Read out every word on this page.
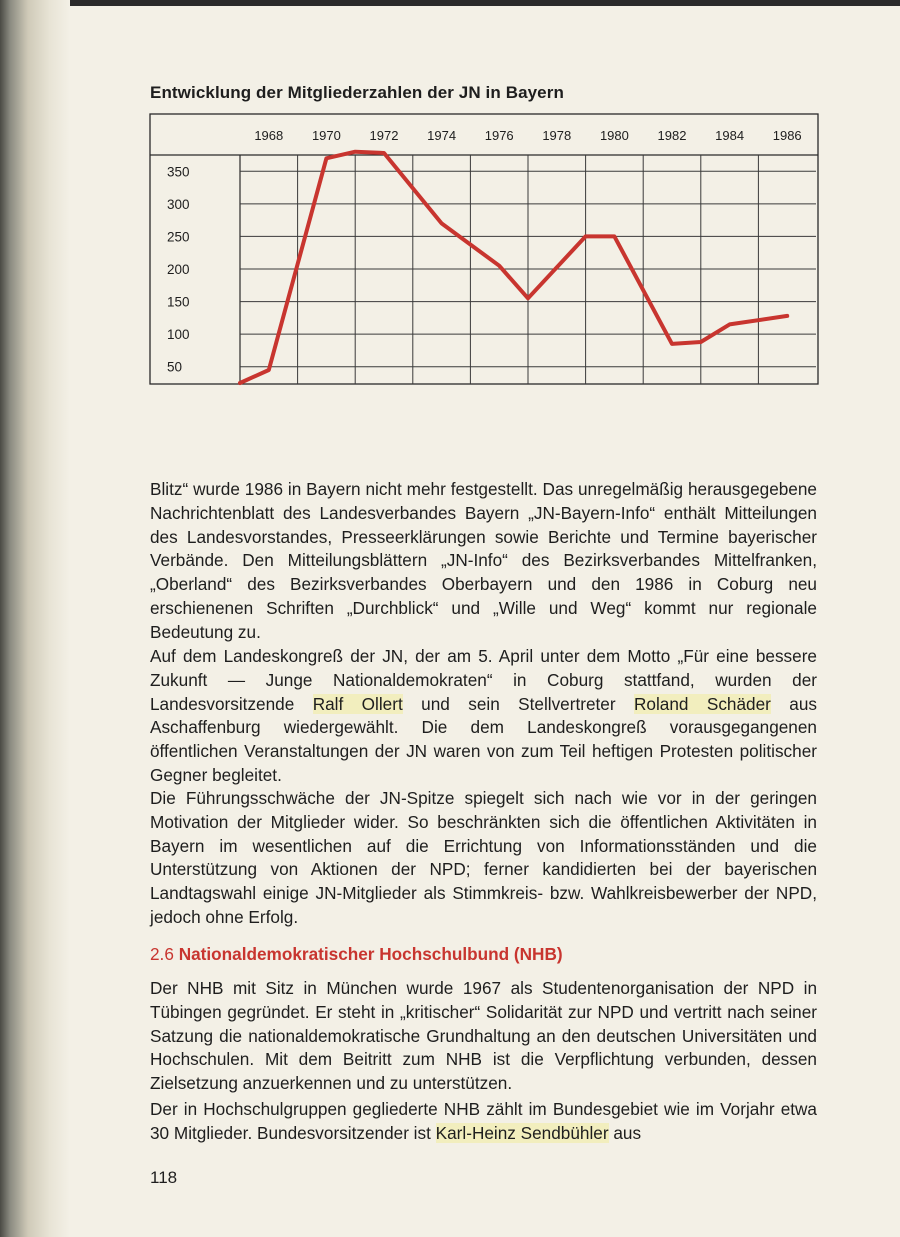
Entwicklung der Mitgliederzahlen der JN in Bayern
1968 1970 1972 1974 1976 1978 1980 1982 1984 1986
350
300
250
200
150
100
50

Blitz“ wurde 1986 in Bayern nicht mehr festgestellt. Das unregelmäßig herausgegebene Nachrichtenblatt des Landesverbandes Bayern „JN-Bayern-Info“ enthält Mitteilungen des Landesvorstandes, Presseerklärungen sowie Berichte und Termine bayerischer Verbände. Den Mitteilungsblättern „JN-Info“ des Bezirksverbandes Mittelfranken, „Oberland“ des Bezirksverbandes Oberbayern und den 1986 in Coburg neu erschienenen Schriften „Durchblick“ und „Wille und Weg“ kommt nur regionale Bedeutung zu.

Auf dem Landeskongreß der JN, der am 5. April unter dem Motto „Für eine bessere Zukunft — Junge Nationaldemokraten“ in Coburg stattfand, wurden der Landesvorsitzende Ralf Ollert und sein Stellvertreter Roland Schäder aus Aschaffenburg wiedergewählt. Die dem Landeskongreß vorausgegangenen öffentlichen Veranstaltungen der JN waren von zum Teil heftigen Protesten politischer Gegner begleitet.

Die Führungsschwäche der JN-Spitze spiegelt sich nach wie vor in der geringen Motivation der Mitglieder wider. So beschränkten sich die öffentlichen Aktivitäten in Bayern im wesentlichen auf die Errichtung von Informationsständen und die Unterstützung von Aktionen der NPD; ferner kandidierten bei der bayerischen Landtagswahl einige JN-Mitglieder als Stimmkreis- bzw. Wahlkreisbewerber der NPD, jedoch ohne Erfolg.

2.6 Nationaldemokratischer Hochschulbund (NHB)

Der NHB mit Sitz in München wurde 1967 als Studentenorganisation der NPD in Tübingen gegründet. Er steht in „kritischer“ Solidarität zur NPD und vertritt nach seiner Satzung die nationaldemokratische Grundhaltung an den deutschen Universitäten und Hochschulen. Mit dem Beitritt zum NHB ist die Verpflichtung verbunden, dessen Zielsetzung anzuerkennen und zu unterstützen.

Der in Hochschulgruppen gegliederte NHB zählt im Bundesgebiet wie im Vorjahr etwa 30 Mitglieder. Bundesvorsitzender ist Karl-Heinz Sendbühler aus

118
